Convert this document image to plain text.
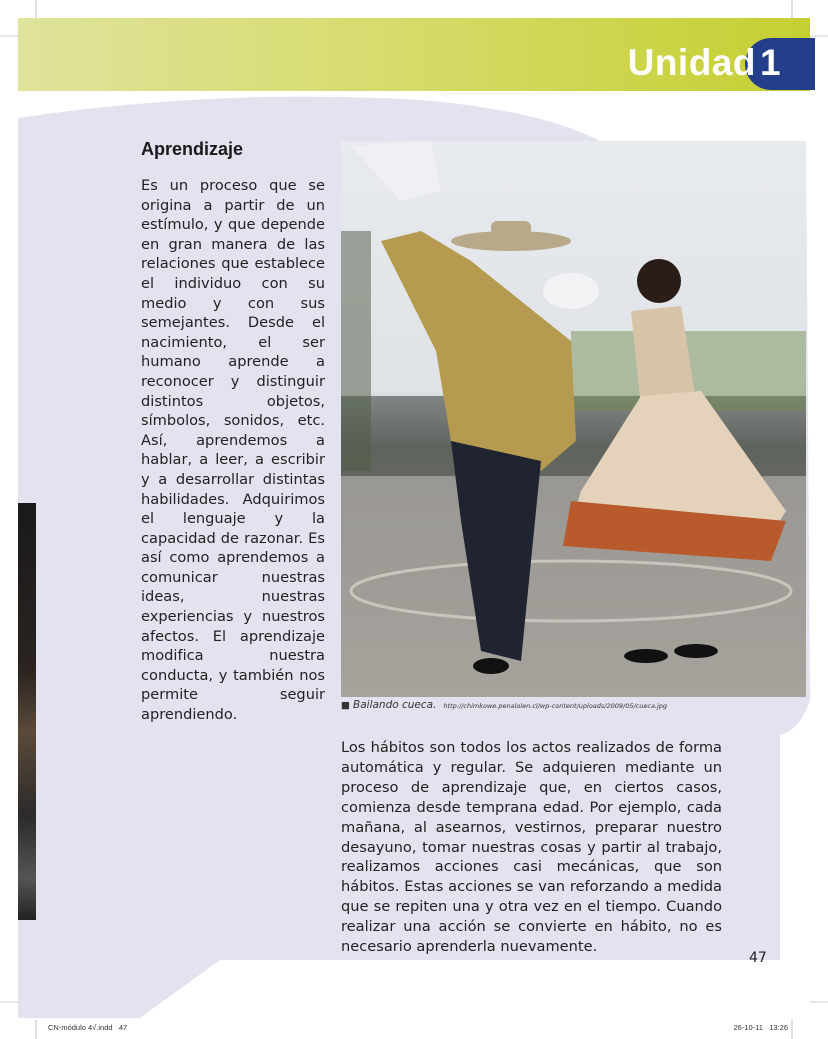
Unidad 1
Aprendizaje
Es un proceso que se origina a partir de un estímulo, y que depende en gran manera de las relaciones que establece el individuo con su medio y con sus semejantes. Desde el nacimiento, el ser humano aprende a reconocer y distinguir distintos objetos, símbolos, sonidos, etc. Así, aprendemos a hablar, a leer, a escribir y a desarrollar distintas habilidades. Adquirimos el lenguaje y la capacidad de razonar. Es así como aprendemos a comunicar nuestras ideas, nuestras experiencias y nuestros afectos. El aprendizaje modifica nuestra conducta, y también nos permite seguir aprendiendo.
■ Bailando cueca. http://chimkowe.penalolen.cl/wp-content/uploads/2009/05/cueca.jpg
Los hábitos son todos los actos realizados de forma automática y regular. Se adquieren mediante un proceso de aprendizaje que, en ciertos casos, comienza desde temprana edad. Por ejemplo, cada mañana, al asearnos, vestirnos, preparar nuestro desayuno, tomar nuestras cosas y partir al trabajo, realizamos acciones casi mecánicas, que son hábitos. Estas acciones se van reforzando a medida que se repiten una y otra vez en el tiempo. Cuando realizar una acción se convierte en hábito, no es necesario aprenderla nuevamente.
47
CN-módulo 4√.indd   47	26-10-11   13:26
